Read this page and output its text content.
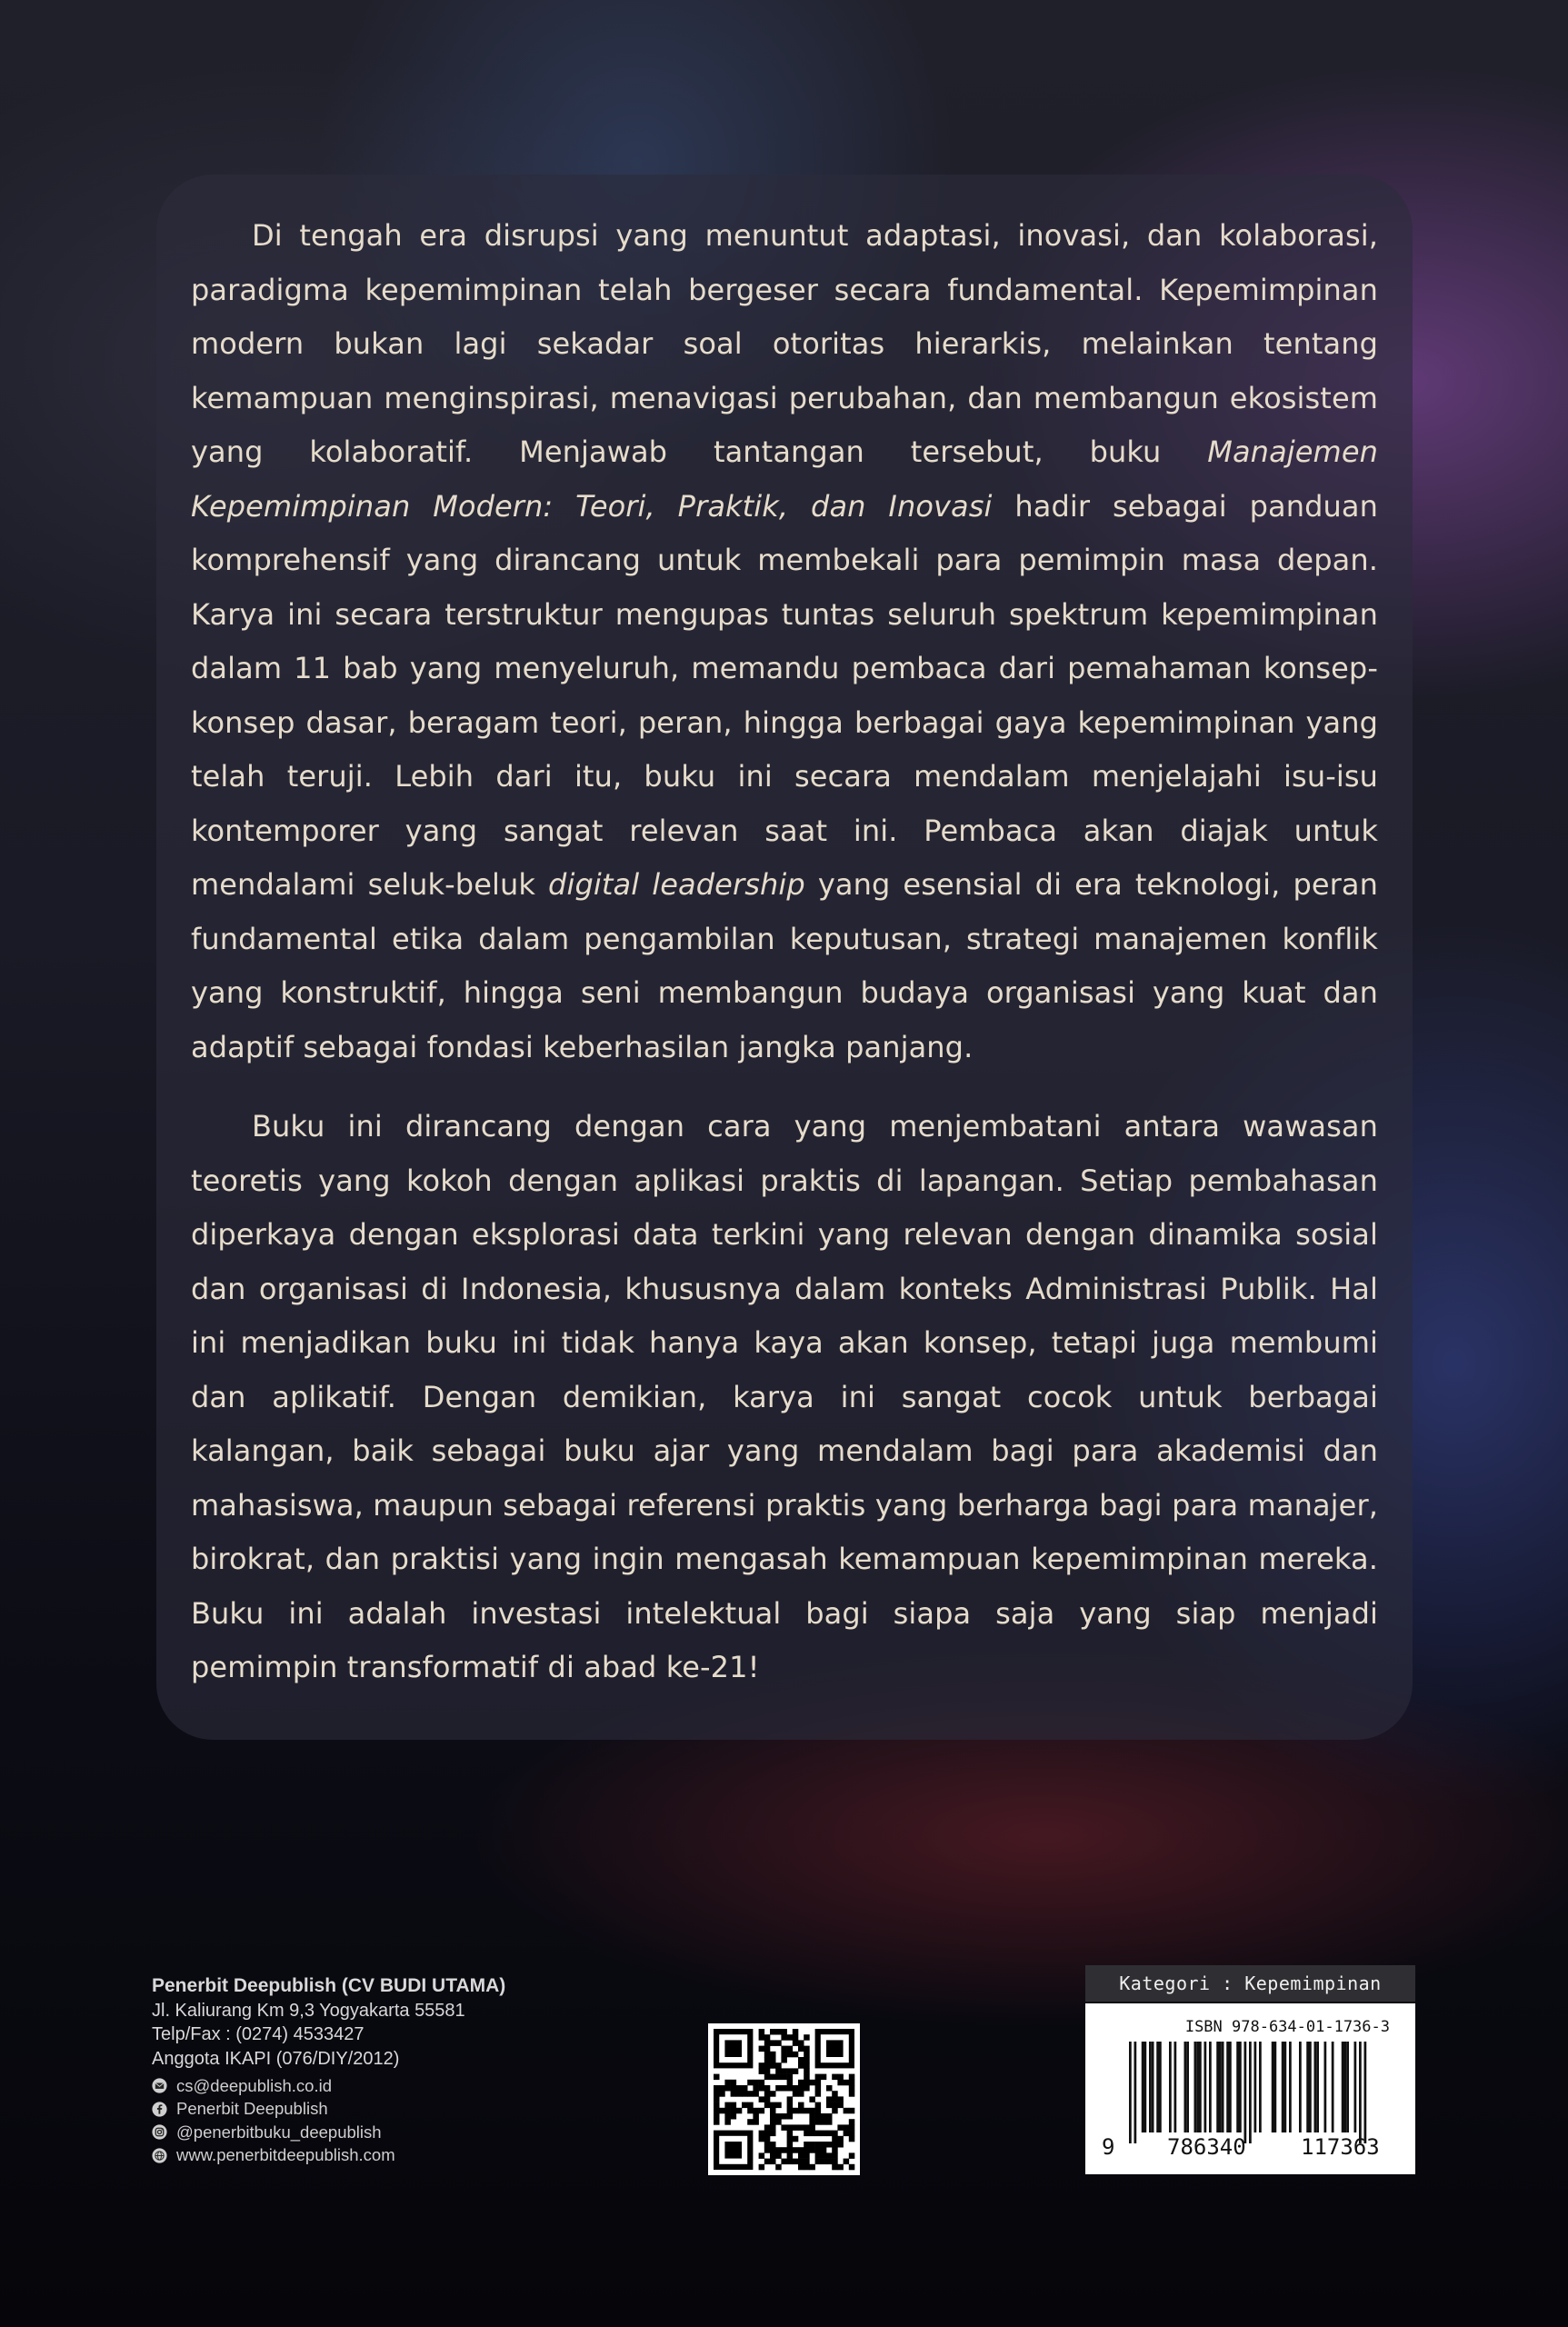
Di tengah era disrupsi yang menuntut adaptasi, inovasi, dan kolaborasi, paradigma kepemimpinan telah bergeser secara fundamental. Kepemimpinan modern bukan lagi sekadar soal otoritas hierarkis, melainkan tentang kemampuan menginspirasi, menavigasi perubahan, dan membangun ekosistem yang kolaboratif. Menjawab tantangan tersebut, buku Manajemen Kepemimpinan Modern: Teori, Praktik, dan Inovasi hadir sebagai panduan komprehensif yang dirancang untuk membekali para pemimpin masa depan. Karya ini secara terstruktur mengupas tuntas seluruh spektrum kepemimpinan dalam 11 bab yang menyeluruh, memandu pembaca dari pemahaman konsep-konsep dasar, beragam teori, peran, hingga berbagai gaya kepemimpinan yang telah teruji. Lebih dari itu, buku ini secara mendalam menjelajahi isu-isu kontemporer yang sangat relevan saat ini. Pembaca akan diajak untuk mendalami seluk-beluk digital leadership yang esensial di era teknologi, peran fundamental etika dalam pengambilan keputusan, strategi manajemen konflik yang konstruktif, hingga seni membangun budaya organisasi yang kuat dan adaptif sebagai fondasi keberhasilan jangka panjang.

Buku ini dirancang dengan cara yang menjembatani antara wawasan teoretis yang kokoh dengan aplikasi praktis di lapangan. Setiap pembahasan diperkaya dengan eksplorasi data terkini yang relevan dengan dinamika sosial dan organisasi di Indonesia, khususnya dalam konteks Administrasi Publik. Hal ini menjadikan buku ini tidak hanya kaya akan konsep, tetapi juga membumi dan aplikatif. Dengan demikian, karya ini sangat cocok untuk berbagai kalangan, baik sebagai buku ajar yang mendalam bagi para akademisi dan mahasiswa, maupun sebagai referensi praktis yang berharga bagi para manajer, birokrat, dan praktisi yang ingin mengasah kemampuan kepemimpinan mereka. Buku ini adalah investasi intelektual bagi siapa saja yang siap menjadi pemimpin transformatif di abad ke-21!

Penerbit Deepublish (CV BUDI UTAMA)
Jl. Kaliurang Km 9,3 Yogyakarta 55581
Telp/Fax : (0274) 4533427
Anggota IKAPI (076/DIY/2012)
cs@deepublish.co.id
Penerbit Deepublish
@penerbitbuku_deepublish
www.penerbitdeepublish.com
Kategori : Kepemimpinan
ISBN 978-634-01-1736-3
9 786340	117363
